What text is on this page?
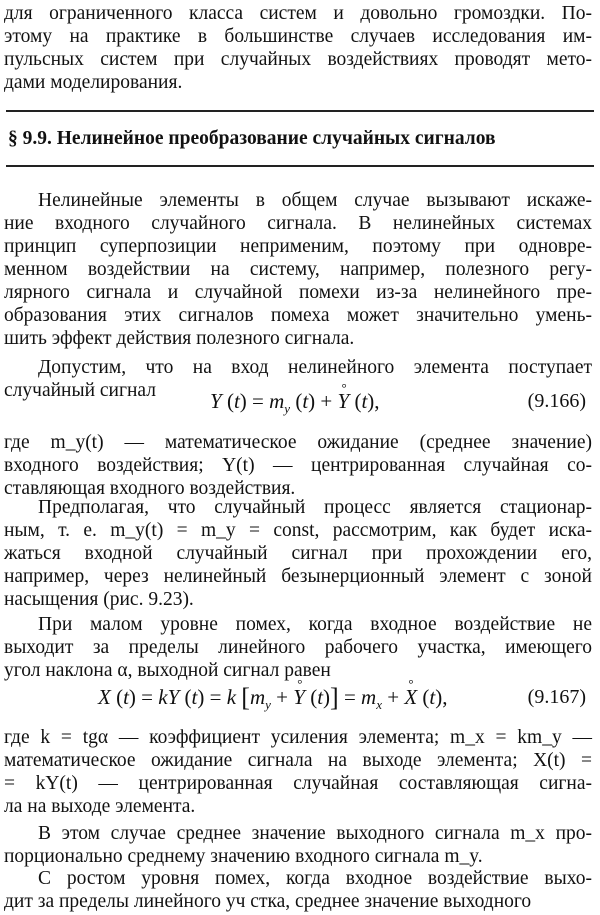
для ограниченного класса систем и довольно громоздки. По-
этому на практике в большинстве случаев исследования им-
пульсных систем при случайных воздействиях проводят мето-
дами моделирования.
§ 9.9. Нелинейное преобразование случайных сигналов
Нелинейные элементы в общем случае вызывают искаже-
ние входного случайного сигнала. В нелинейных системах
принцип суперпозиции неприменим, поэтому при одновре-
менном воздействии на систему, например, полезного регу-
лярного сигнала и случайной помехи из-за нелинейного пре-
образования этих сигналов помеха может значительно умень-
шить эффект действия полезного сигнала.
Допустим, что на вход нелинейного элемента поступает
случайный сигнал	Y $(t) = m_y$ (t) + ° Y (t),	(9.166)
где m_y(t) — математическое ожидание (среднее значение)
входного воздействия; Y(t) — центрированная случайная со-
ставляющая входного воздействия.
Предполагая, что случайный процесс является стационар-
ным, т. е. m_y(t) = m_y = const, рассмотрим, как будет иска-
жаться входной случайный сигнал при прохождении его,
например, через нелинейный безынерционный элемент с зоной
насыщения (рис. 9.23).
При малом уровне помех, когда входное воздействие не
выходит за пределы линейного рабочего участка, имеющего
угол наклона α, выходной сигнал равен
X (t) = kY (t) = k [$m_y$ + ° Y $(t)] = m_x$ + ° X (t),	(9.167)
где k = tgα — коэффициент усиления элемента; m_x = km_y —
математическое ожидание сигнала на выходе элемента; X(t) =
= kY(t) — центрированная случайная составляющая сигна-
ла на выходе элемента.
В этом случае среднее значение выходного сигнала m_x про-
порционально среднему значению входного сигнала m_y.
С ростом уровня помех, когда входное воздействие выхо-
дит за пределы линейного уч стка, среднее значение выходного
